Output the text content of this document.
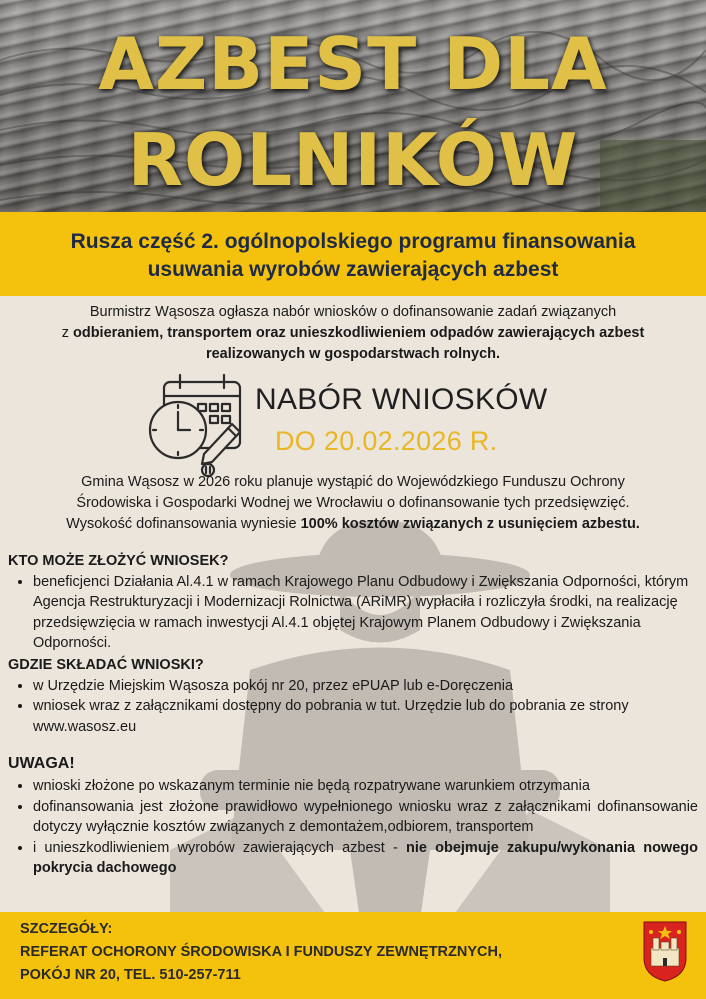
AZBEST DLA
ROLNIKÓW
Rusza część 2. ogólnopolskiego programu finansowania
usuwania wyrobów zawierających azbest
Burmistrz Wąsosza ogłasza nabór wniosków o dofinansowanie zadań związanych
z odbieraniem, transportem oraz unieszkodliwieniem odpadów zawierających azbest
realizowanych w gospodarstwach rolnych.
NABÓR WNIOSKÓW
DO 20.02.2026 R.
Gmina Wąsosz w 2026 roku planuje wystąpić do Wojewódzkiego Funduszu Ochrony
Środowiska i Gospodarki Wodnej we Wrocławiu o dofinansowanie tych przedsięwzięć.
Wysokość dofinansowania wyniesie 100% kosztów związanych z usunięciem azbestu.
KTO MOŻE ZŁOŻYĆ WNIOSEK?
• beneficjenci Działania Al.4.1 w ramach Krajowego Planu Odbudowy i Zwiększania Odporności, którym Agencja Restrukturyzacji i Modernizacji Rolnictwa (ARiMR) wypłaciła i rozliczyła środki, na realizację przedsięwzięcia w ramach inwestycji Al.4.1 objętej Krajowym Planem Odbudowy i Zwiększania Odporności.
GDZIE SKŁADAĆ WNIOSKI?
• w Urzędzie Miejskim Wąsosza pokój nr 20, przez ePUAP lub e-Doręczenia
• wniosek wraz z załącznikami dostępny do pobrania w tut. Urzędzie lub do pobrania ze strony www.wasosz.eu
UWAGA!
• wnioski złożone po wskazanym terminie nie będą rozpatrywane warunkiem otrzymania
• dofinansowania jest złożone prawidłowo wypełnionego wniosku wraz z załącznikami dofinansowanie dotyczy wyłącznie kosztów związanych z demontażem,odbiorem, transportem
• i unieszkodliwieniem wyrobów zawierających azbest - nie obejmuje zakupu/wykonania nowego pokrycia dachowego
SZCZEGÓŁY:
REFERAT OCHORONY ŚRODOWISKA I FUNDUSZY ZEWNĘTRZNYCH,
POKÓJ NR 20, TEL. 510-257-711
